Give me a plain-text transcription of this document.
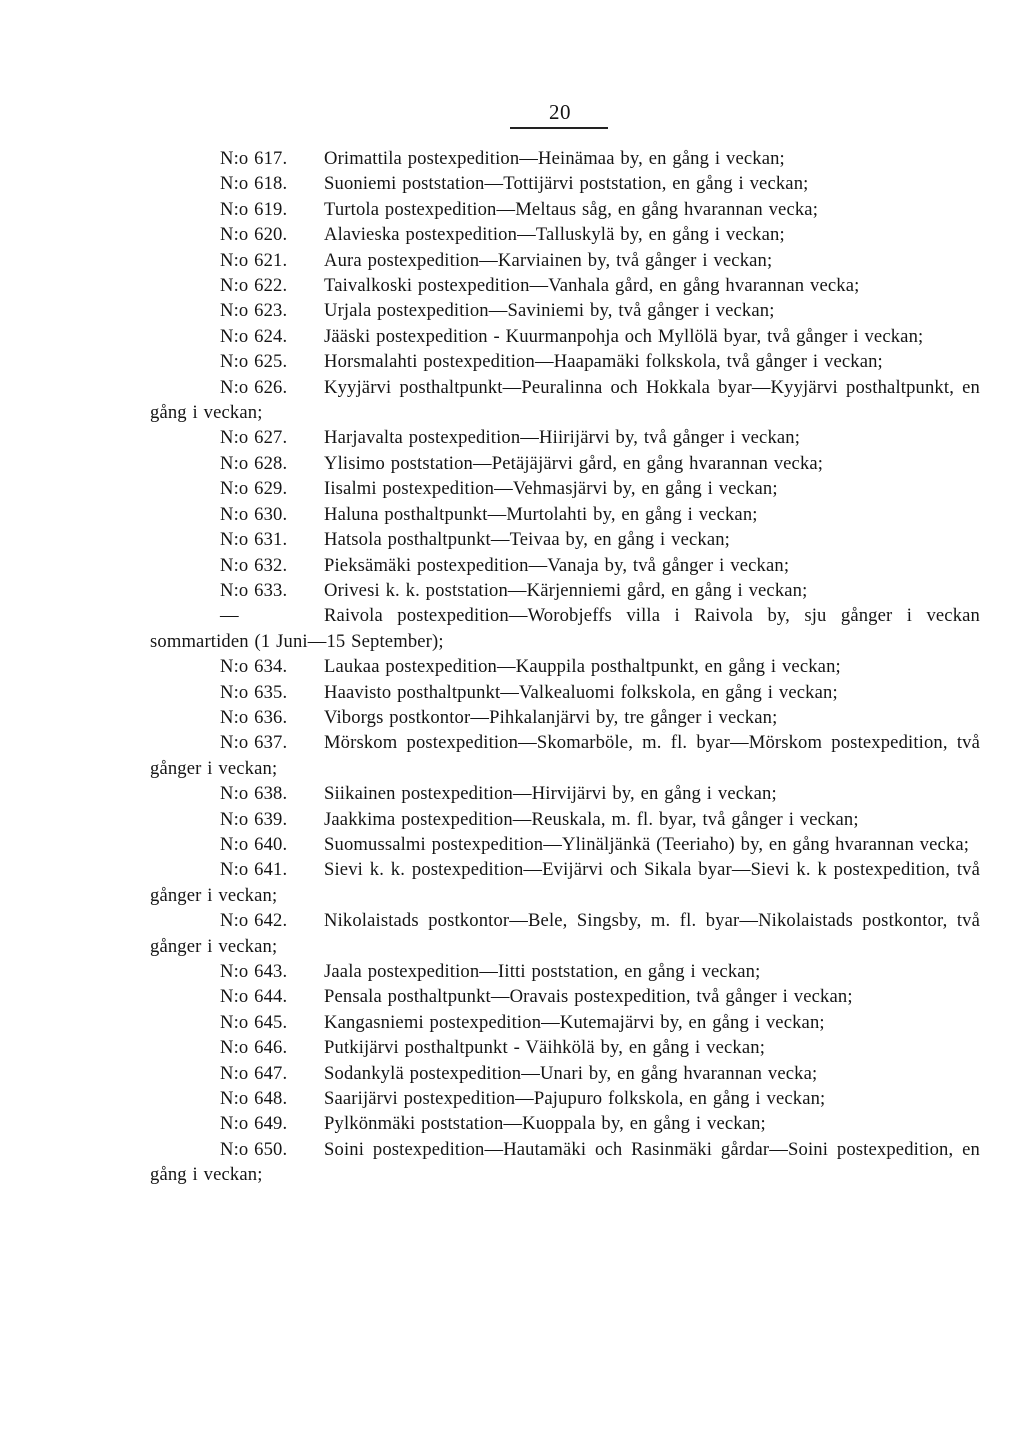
20

N:o 617. Orimattila postexpedition—Heinämaa by, en gång i veckan;

N:o 618. Suoniemi poststation—Tottijärvi poststation, en gång i veckan;

N:o 619. Turtola postexpedition—Meltaus såg, en gång hvarannan vecka;

N:o 620. Alavieska postexpedition—Talluskylä by, en gång i veckan;

N:o 621. Aura postexpedition—Karviainen by, två gånger i veckan;

N:o 622. Taivalkoski postexpedition—Vanhala gård, en gång hvarannan vecka;

N:o 623. Urjala postexpedition—Saviniemi by, två gånger i veckan;

N:o 624. Jääski postexpedition - Kuurmanpohja och Myllölä byar, två gånger i veckan;

N:o 625. Horsmalahti postexpedition—Haapamäki folkskola, två gånger i veckan;

N:o 626. Kyyjärvi posthaltpunkt—Peuralinna och Hokkala byar—Kyyjärvi posthaltpunkt, en gång i veckan;

N:o 627. Harjavalta postexpedition—Hiirijärvi by, två gånger i veckan;

N:o 628. Ylisimo poststation—Petäjäjärvi gård, en gång hvarannan vecka;

N:o 629. Iisalmi postexpedition—Vehmasjärvi by, en gång i veckan;

N:o 630. Haluna posthaltpunkt—Murtolahti by, en gång i veckan;

N:o 631. Hatsola posthaltpunkt—Teivaa by, en gång i veckan;

N:o 632. Pieksämäki postexpedition—Vanaja by, två gånger i veckan;

N:o 633. Orivesi k. k. poststation—Kärjenniemi gård, en gång i veckan;

—	Raivola postexpedition—Worobjeffs villa i Raivola by, sju gånger i veckan sommartiden (1 Juni—15 September);

N:o 634. Laukaa postexpedition—Kauppila posthaltpunkt, en gång i veckan;

N:o 635. Haavisto posthaltpunkt—Valkealuomi folkskola, en gång i veckan;

N:o 636. Viborgs postkontor—Pihkalanjärvi by, tre gånger i veckan;

N:o 637. Mörskom postexpedition—Skomarböle, m. fl. byar—Mörskom postexpedition, två gånger i veckan;

N:o 638. Siikainen postexpedition—Hirvijärvi by, en gång i veckan;

N:o 639. Jaakkima postexpedition—Reuskala, m. fl. byar, två gånger i veckan;

N:o 640. Suomussalmi postexpedition—Ylinäljänkä (Teeriaho) by, en gång hvarannan vecka;

N:o 641. Sievi k. k. postexpedition—Evijärvi och Sikala byar—Sievi k. k postexpedition, två gånger i veckan;

N:o 642. Nikolaistads postkontor—Bele, Singsby, m. fl. byar—Nikolaistads postkontor, två gånger i veckan;

N:o 643. Jaala postexpedition—Iitti poststation, en gång i veckan;

N:o 644. Pensala posthaltpunkt—Oravais postexpedition, två gånger i veckan;

N:o 645. Kangasniemi postexpedition—Kutemajärvi by, en gång i veckan;

N:o 646. Putkijärvi posthaltpunkt - Väihkölä by, en gång i veckan;

N:o 647. Sodankylä postexpedition—Unari by, en gång hvarannan vecka;

N:o 648. Saarijärvi postexpedition—Pajupuro folkskola, en gång i veckan;

N:o 649. Pylkönmäki poststation—Kuoppala by, en gång i veckan;

N:o 650. Soini postexpedition—Hautamäki och Rasinmäki gårdar—Soini postexpedition, en gång i veckan;
